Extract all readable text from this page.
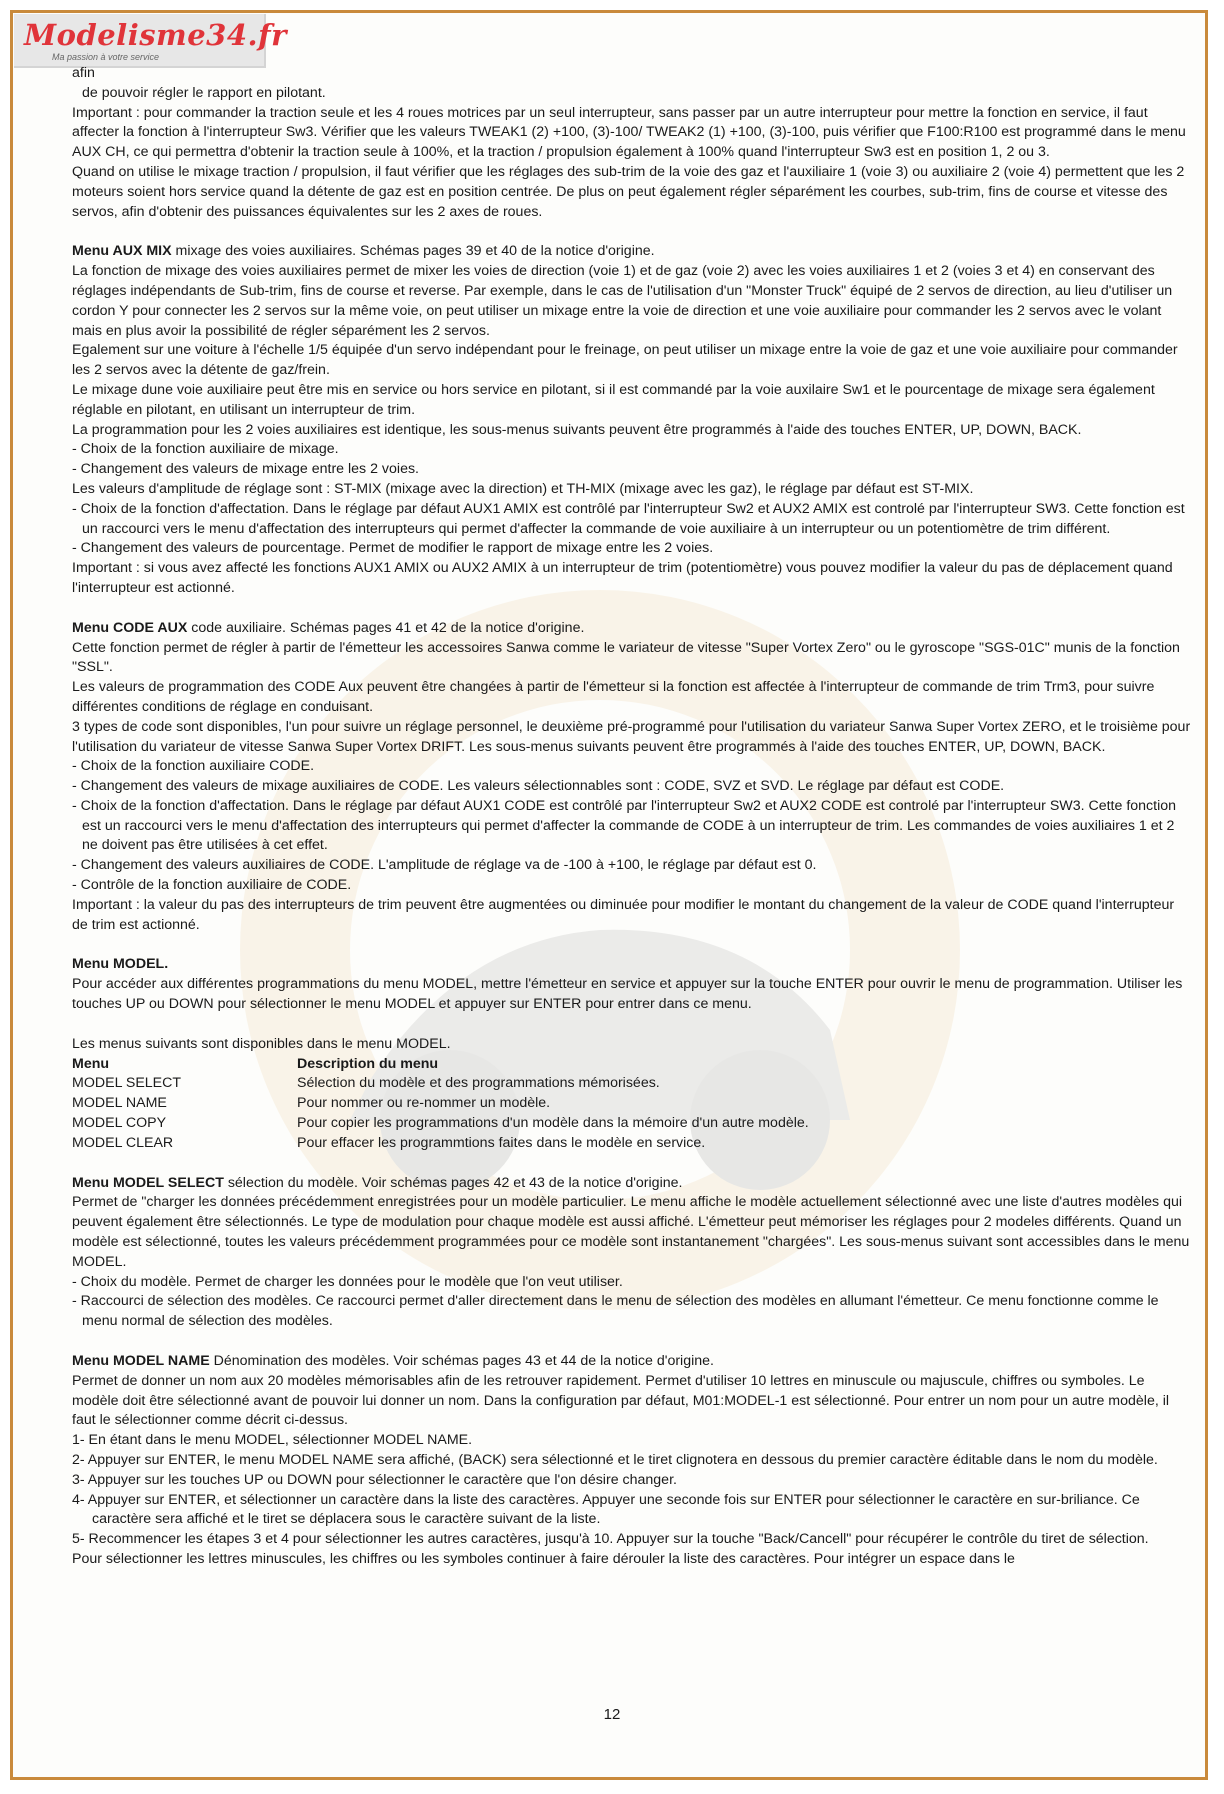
Modelisme34.fr
Ma passion à votre service

afin

de pouvoir régler le rapport en pilotant.

Important : pour commander la traction seule et les 4 roues motrices par un seul interrupteur, sans passer par un autre interrupteur pour mettre la fonction en service, il faut affecter la fonction à l'interrupteur Sw3. Vérifier que les valeurs TWEAK1 (2) +100, (3)-100/ TWEAK2 (1) +100, (3)-100, puis vérifier que F100:R100 est programmé dans le menu AUX CH, ce qui permettra d'obtenir la traction seule à 100%, et la traction / propulsion également à 100% quand l'interrupteur Sw3 est en position 1, 2 ou 3.

Quand on utilise le mixage traction / propulsion, il faut vérifier que les réglages des sub-trim de la voie des gaz et l'auxiliaire 1 (voie 3) ou auxiliaire 2 (voie 4) permettent que les 2 moteurs soient hors service quand la détente de gaz est en position centrée. De plus on peut également régler séparément les courbes, sub-trim, fins de course et vitesse des servos, afin d'obtenir des puissances équivalentes sur les 2 axes de roues.

Menu AUX MIX mixage des voies auxiliaires. Schémas pages 39 et 40 de la notice d'origine.

La fonction de mixage des voies auxiliaires permet de mixer les voies de direction (voie 1) et de gaz (voie 2) avec les voies auxiliaires 1 et 2 (voies 3 et 4) en conservant des réglages indépendants de Sub-trim, fins de course et reverse. Par exemple, dans le cas de l'utilisation d'un "Monster Truck" équipé de 2 servos de direction, au lieu d'utiliser un cordon Y pour connecter les 2 servos sur la même voie, on peut utiliser un mixage entre la voie de direction et une voie auxiliaire pour commander les 2 servos avec le volant mais en plus avoir la possibilité de régler séparément les 2 servos.

Egalement sur une voiture à l'échelle 1/5 équipée d'un servo indépendant pour le freinage, on peut utiliser un mixage entre la voie de gaz et une voie auxiliaire pour commander les 2 servos avec la détente de gaz/frein.

Le mixage dune voie auxiliaire peut être mis en service ou hors service en pilotant, si il est commandé par la voie auxilaire Sw1 et le pourcentage de mixage sera également réglable en pilotant, en utilisant un interrupteur de trim.

La programmation pour les 2 voies auxiliaires est identique, les sous-menus suivants peuvent être programmés à l'aide des touches ENTER, UP, DOWN, BACK.

- Choix de la fonction auxiliaire de mixage.

- Changement des valeurs de mixage entre les 2 voies.

Les valeurs d'amplitude de réglage sont : ST-MIX (mixage avec la direction) et TH-MIX (mixage avec les gaz), le réglage par défaut est ST-MIX.

- Choix de la fonction d'affectation. Dans le réglage par défaut AUX1 AMIX est contrôlé par l'interrupteur Sw2 et AUX2 AMIX est controlé par l'interrupteur SW3. Cette fonction est un raccourci vers le menu d'affectation des interrupteurs qui permet d'affecter la commande de voie auxiliaire à un interrupteur ou un potentiomètre de trim différent.

- Changement des valeurs de pourcentage. Permet de modifier le rapport de mixage entre les 2 voies.

Important : si vous avez affecté les fonctions AUX1 AMIX ou AUX2 AMIX à un interrupteur de trim (potentiomètre) vous pouvez modifier la valeur du pas de déplacement quand l'interrupteur est actionné.

Menu CODE AUX code auxiliaire. Schémas pages 41 et 42 de la notice d'origine.

Cette fonction permet de régler à partir de l'émetteur les accessoires Sanwa comme le variateur de vitesse "Super Vortex Zero" ou le gyroscope "SGS-01C" munis de la fonction "SSL".

Les valeurs de programmation des CODE Aux peuvent être changées à partir de l'émetteur si la fonction est affectée à l'interrupteur de commande de trim Trm3, pour suivre différentes conditions de réglage en conduisant.

3 types de code sont disponibles, l'un pour suivre un réglage personnel, le deuxième pré-programmé pour l'utilisation du variateur Sanwa Super Vortex ZERO, et le troisième pour l'utilisation du variateur de vitesse Sanwa Super Vortex DRIFT. Les sous-menus suivants peuvent être programmés à l'aide des touches ENTER, UP, DOWN, BACK.

- Choix de la fonction auxiliaire CODE.

- Changement des valeurs de mixage auxiliaires de CODE. Les valeurs sélectionnables sont : CODE, SVZ et SVD. Le réglage par défaut est CODE.

- Choix de la fonction d'affectation. Dans le réglage par défaut AUX1 CODE est contrôlé par l'interrupteur Sw2 et AUX2 CODE est controlé par l'interrupteur SW3. Cette fonction est un raccourci vers le menu d'affectation des interrupteurs qui permet d'affecter la commande de CODE à un interrupteur de trim. Les commandes de voies auxiliaires 1 et 2 ne doivent pas être utilisées à cet effet.

- Changement des valeurs auxiliaires de CODE. L'amplitude de réglage va de -100 à +100, le réglage par défaut est 0.

- Contrôle de la fonction auxiliaire de CODE.

Important : la valeur du pas des interrupteurs de trim peuvent être augmentées ou diminuée pour modifier le montant du changement de la valeur de CODE quand l'interrupteur de trim est actionné.

Menu MODEL.

Pour accéder aux différentes programmations du menu MODEL, mettre l'émetteur en service et appuyer sur la touche ENTER pour ouvrir le menu de programmation. Utiliser les touches UP ou DOWN pour sélectionner le menu MODEL et appuyer sur ENTER pour entrer dans ce menu.

Les menus suivants sont disponibles dans le menu MODEL.

Menu	Description du menu
MODEL SELECT	Sélection du modèle et des programmations mémorisées.
MODEL NAME	Pour nommer ou re-nommer un modèle.
MODEL COPY	Pour copier les programmations d'un modèle dans la mémoire d'un autre modèle.
MODEL CLEAR	Pour effacer les programmtions faites dans le modèle en service.

Menu MODEL SELECT sélection du modèle. Voir schémas pages 42 et 43 de la notice d'origine.

Permet de "charger les données précédemment enregistrées pour un modèle particulier. Le menu affiche le modèle actuellement sélectionné avec une liste d'autres modèles qui peuvent également être sélectionnés. Le type de modulation pour chaque modèle est aussi affiché. L'émetteur peut mémoriser les réglages pour 2 modeles différents. Quand un modèle est sélectionné, toutes les valeurs précédemment programmées pour ce modèle sont instantanement "chargées". Les sous-menus suivant sont accessibles dans le menu MODEL.

- Choix du modèle. Permet de charger les données pour le modèle que l'on veut utiliser.

- Raccourci de sélection des modèles. Ce raccourci permet d'aller directement dans le menu de sélection des modèles en allumant l'émetteur. Ce menu fonctionne comme le menu normal de sélection des modèles.

Menu MODEL NAME Dénomination des modèles. Voir schémas pages 43 et 44 de la notice d'origine.

Permet de donner un nom aux 20 modèles mémorisables afin de les retrouver rapidement. Permet d'utiliser 10 lettres en minuscule ou majuscule, chiffres ou symboles. Le modèle doit être sélectionné avant de pouvoir lui donner un nom. Dans la configuration par défaut, M01:MODEL-1 est sélectionné. Pour entrer un nom pour un autre modèle, il faut le sélectionner comme décrit ci-dessus.

1- En étant dans le menu MODEL, sélectionner MODEL NAME.

2- Appuyer sur ENTER, le menu MODEL NAME sera affiché, (BACK) sera sélectionné et le tiret clignotera en dessous du premier caractère éditable dans le nom du modèle.

3- Appuyer sur les touches UP ou DOWN pour sélectionner le caractère que l'on désire changer.

4- Appuyer sur ENTER, et sélectionner un caractère dans la liste des caractères. Appuyer une seconde fois sur ENTER pour sélectionner le caractère en sur-briliance. Ce caractère sera affiché et le tiret se déplacera sous le caractère suivant de la liste.

5- Recommencer les étapes 3 et 4 pour sélectionner les autres caractères, jusqu'à 10. Appuyer sur la touche "Back/Cancell" pour récupérer le contrôle du tiret de sélection.

Pour sélectionner les lettres minuscules, les chiffres ou les symboles continuer à faire dérouler la liste des caractères. Pour intégrer un espace dans le

12
